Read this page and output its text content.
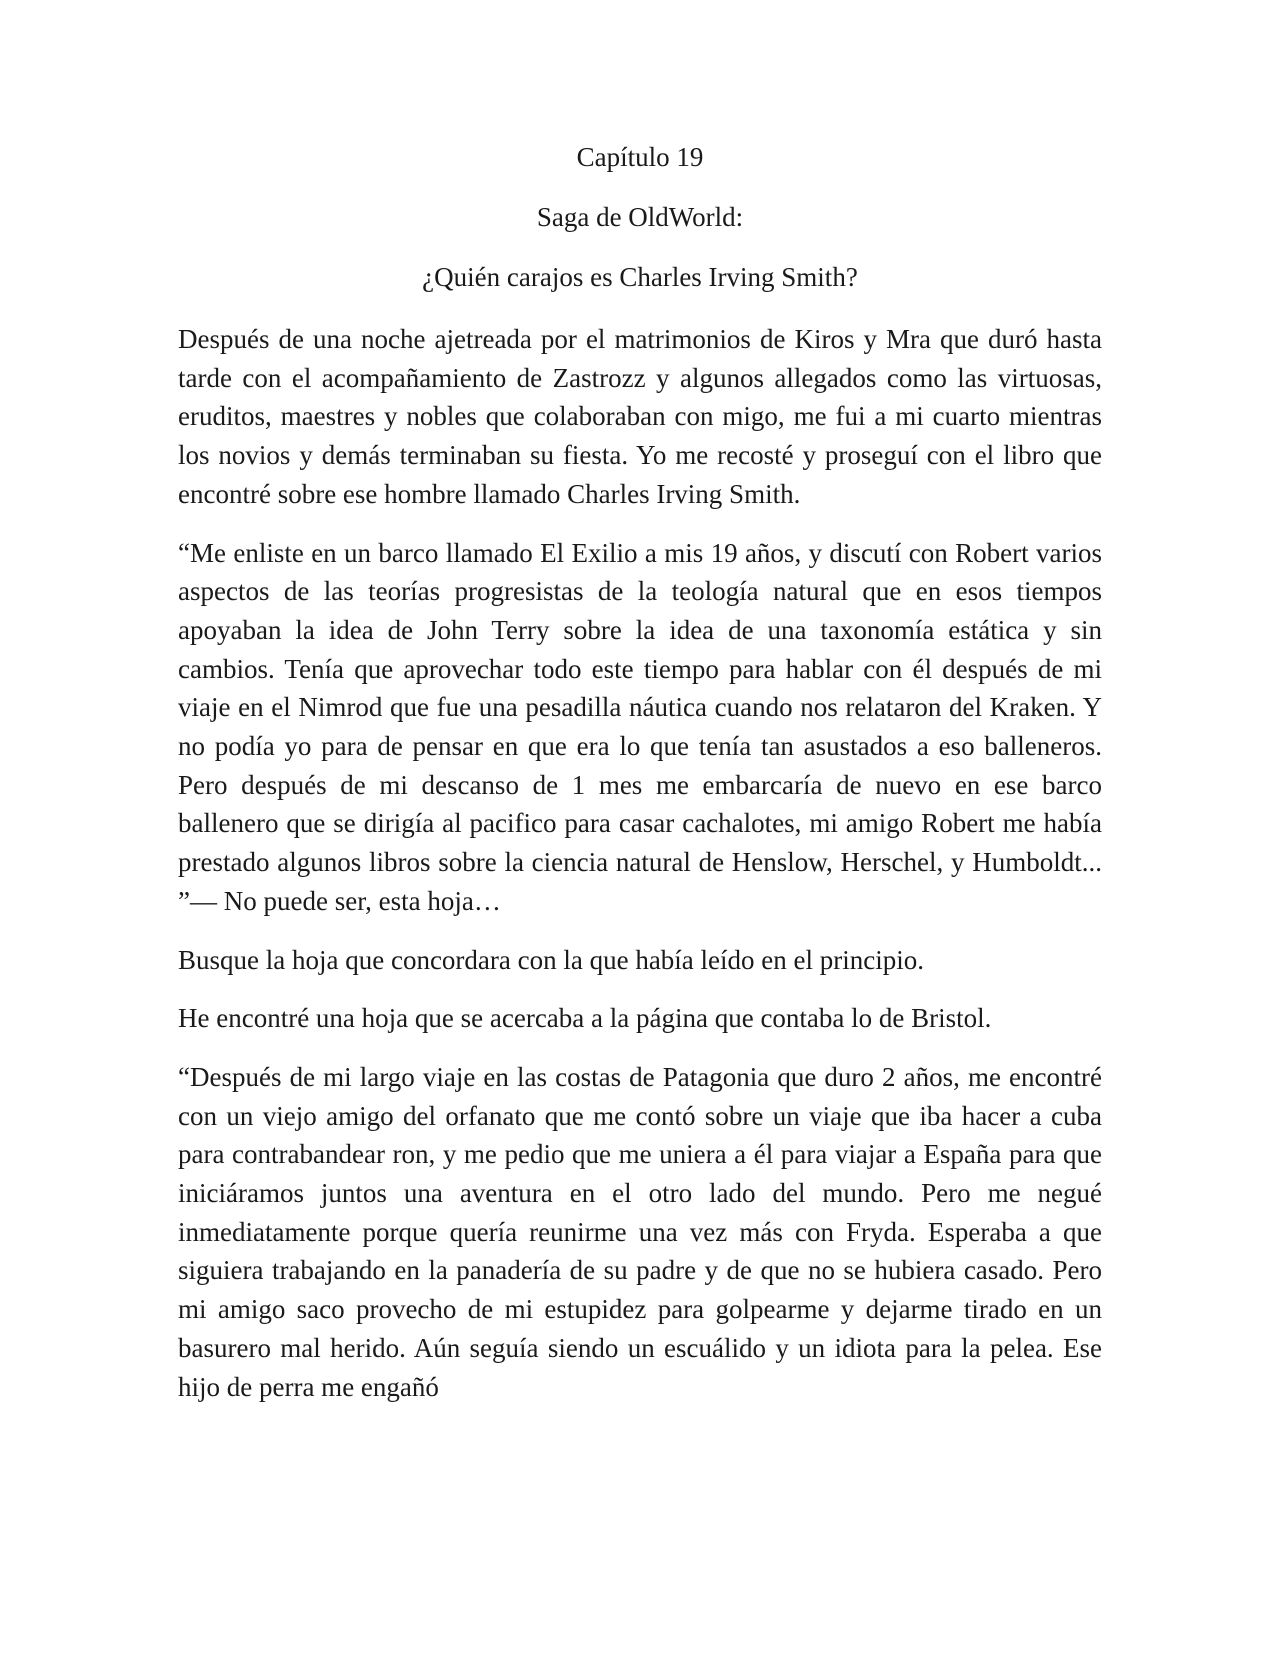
Capítulo 19

Saga de OldWorld:

¿Quién carajos es Charles Irving Smith?

Después de una noche ajetreada por el matrimonios de Kiros y Mra que duró hasta tarde con el acompañamiento de Zastrozz y algunos allegados como las virtuosas, eruditos, maestres y nobles que colaboraban con migo, me fui a mi cuarto mientras los novios y demás terminaban su fiesta. Yo me recosté y proseguí con el libro que encontré sobre ese hombre llamado Charles Irving Smith.

“Me enliste en un barco llamado El Exilio a mis 19 años, y discutí con Robert varios aspectos de las teorías progresistas de la teología natural que en esos tiempos apoyaban la idea de John Terry sobre la idea de una taxonomía estática y sin cambios. Tenía que aprovechar todo este tiempo para hablar con él después de mi viaje en el Nimrod que fue una pesadilla náutica cuando nos relataron del Kraken. Y no podía yo para de pensar en que era lo que tenía tan asustados a eso balleneros. Pero después de mi descanso de 1 mes me embarcaría de nuevo en ese barco ballenero que se dirigía al pacifico para casar cachalotes, mi amigo Robert me había prestado algunos libros sobre la ciencia natural de Henslow, Herschel, y Humboldt... ”— No puede ser, esta hoja…

Busque la hoja que concordara con la que había leído en el principio.

He encontré una hoja que se acercaba a la página que contaba lo de Bristol.

“Después de mi largo viaje en las costas de Patagonia que duro 2 años, me encontré con un viejo amigo del orfanato que me contó sobre un viaje que iba hacer a cuba para contrabandear ron, y me pedio que me uniera a él para viajar a España para que iniciáramos juntos una aventura en el otro lado del mundo. Pero me negué inmediatamente porque quería reunirme una vez más con Fryda. Esperaba a que siguiera trabajando en la panadería de su padre y de que no se hubiera casado. Pero mi amigo saco provecho de mi estupidez para golpearme y dejarme tirado en un basurero mal herido. Aún seguía siendo un escuálido y un idiota para la pelea. Ese hijo de perra me engañó
